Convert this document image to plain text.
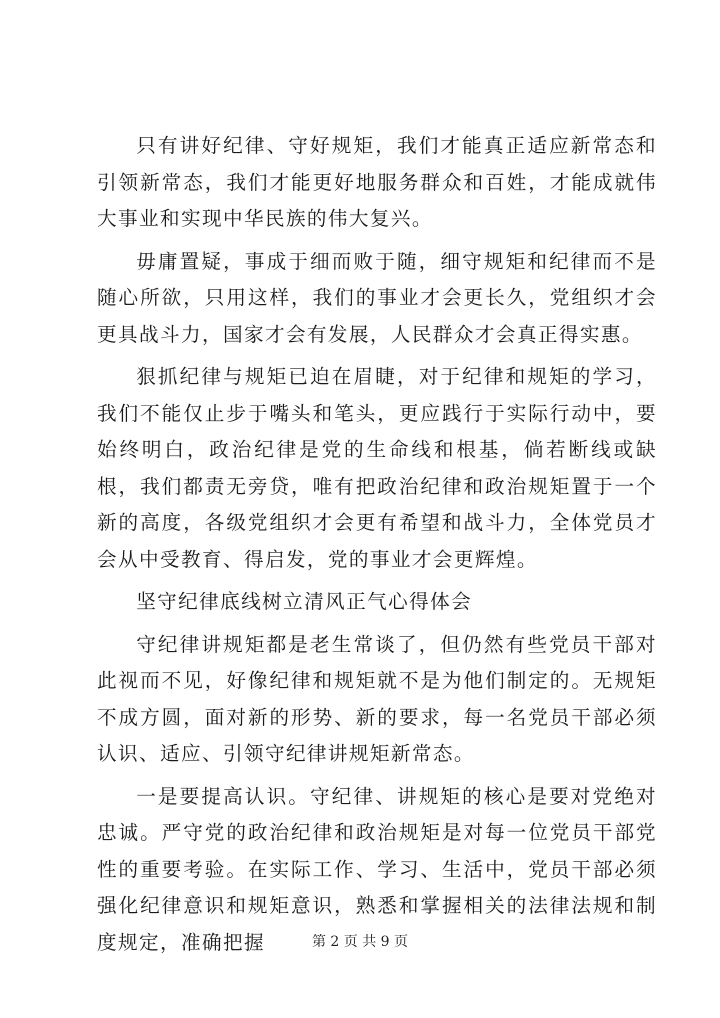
只有讲好纪律、守好规矩，我们才能真正适应新常态和引领新常态，我们才能更好地服务群众和百姓，才能成就伟大事业和实现中华民族的伟大复兴。

毋庸置疑，事成于细而败于随，细守规矩和纪律而不是随心所欲，只用这样，我们的事业才会更长久，党组织才会更具战斗力，国家才会有发展，人民群众才会真正得实惠。

狠抓纪律与规矩已迫在眉睫，对于纪律和规矩的学习，我们不能仅止步于嘴头和笔头，更应践行于实际行动中，要始终明白，政治纪律是党的生命线和根基，倘若断线或缺根，我们都责无旁贷，唯有把政治纪律和政治规矩置于一个新的高度，各级党组织才会更有希望和战斗力，全体党员才会从中受教育、得启发，党的事业才会更辉煌。

坚守纪律底线树立清风正气心得体会

守纪律讲规矩都是老生常谈了，但仍然有些党员干部对此视而不见，好像纪律和规矩就不是为他们制定的。无规矩不成方圆，面对新的形势、新的要求，每一名党员干部必须认识、适应、引领守纪律讲规矩新常态。

一是要提高认识。守纪律、讲规矩的核心是要对党绝对忠诚。严守党的政治纪律和政治规矩是对每一位党员干部党性的重要考验。在实际工作、学习、生活中，党员干部必须强化纪律意识和规矩意识，熟悉和掌握相关的法律法规和制度规定，准确把握	第 2 页 共 9 页
